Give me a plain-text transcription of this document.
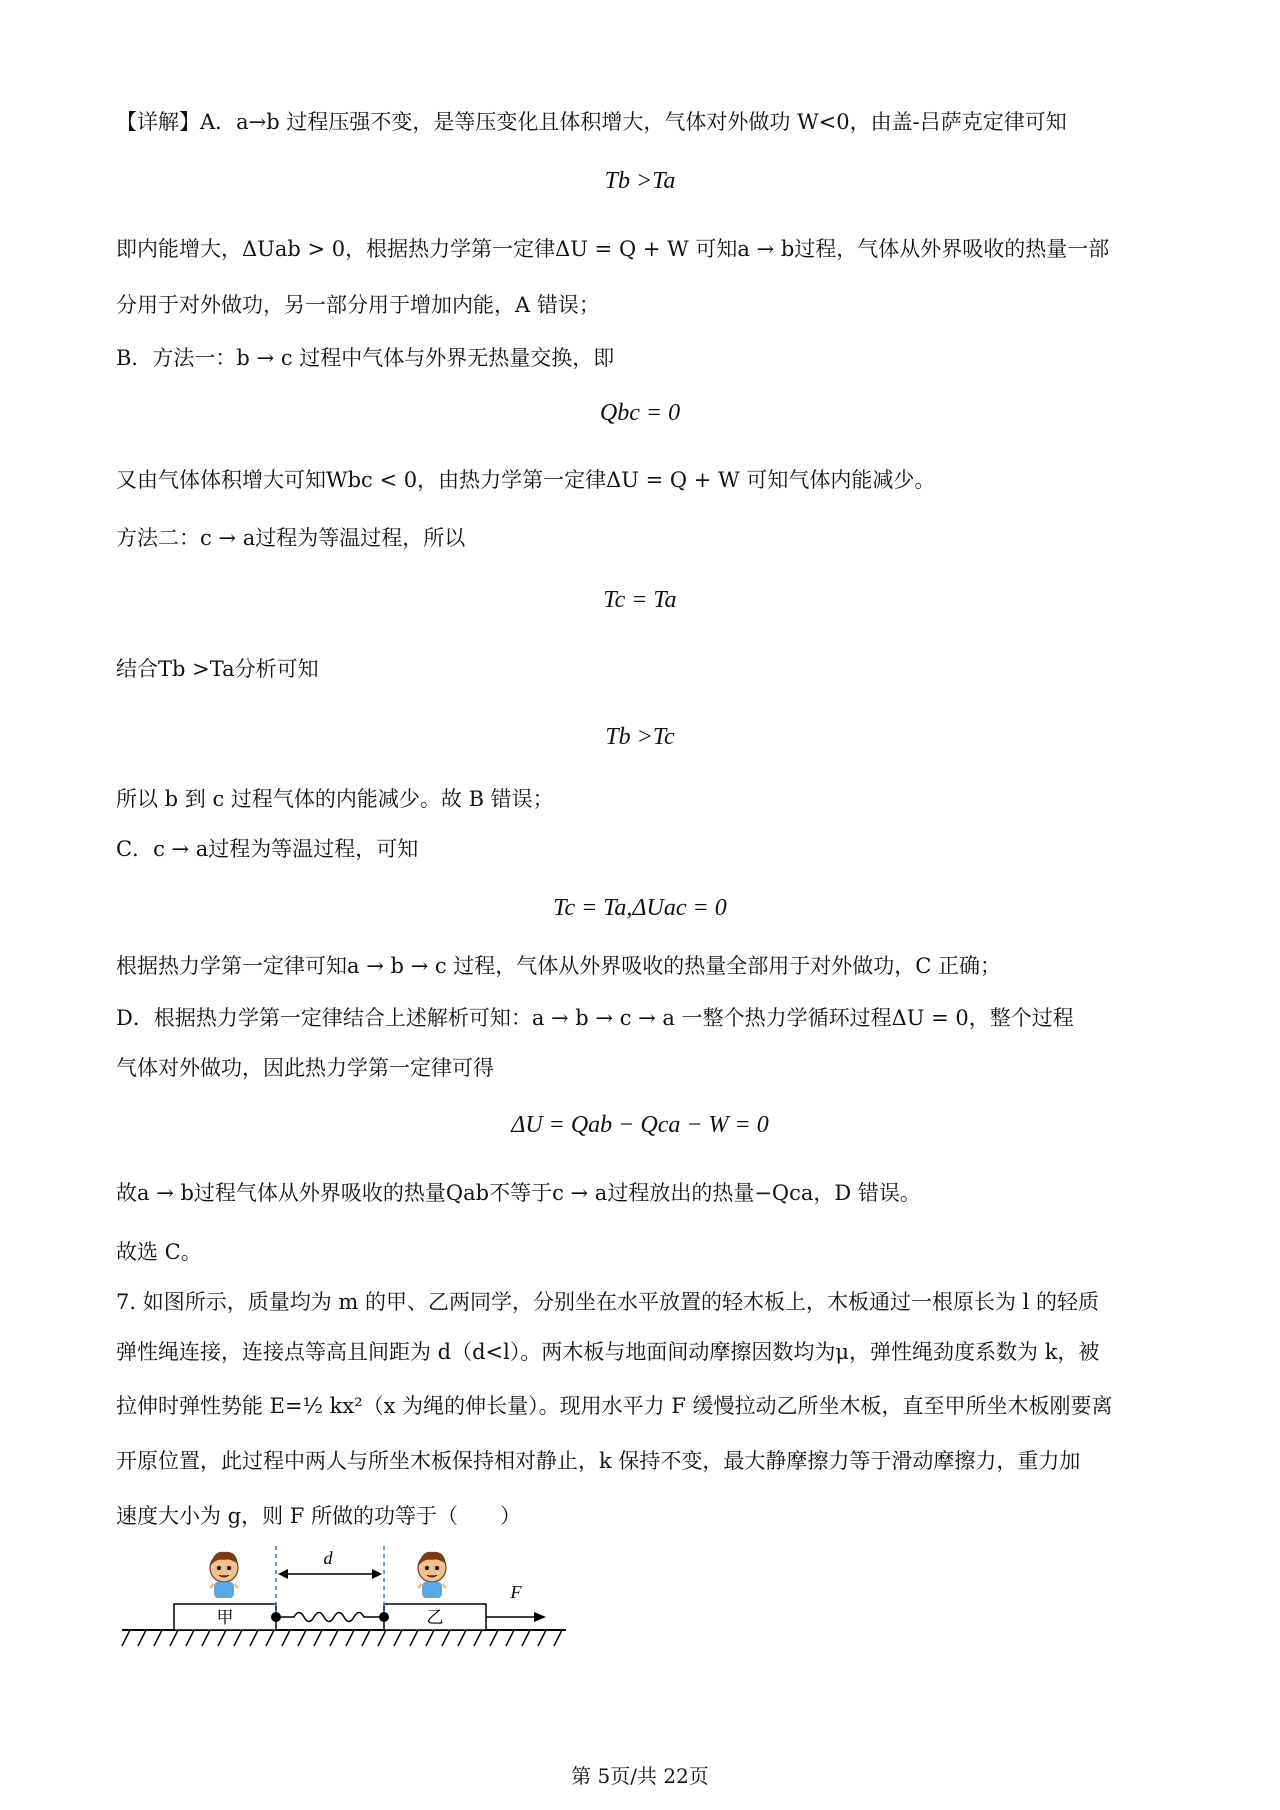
【详解】A．a→b 过程压强不变，是等压变化且体积增大，气体对外做功 W<0，由盖-吕萨克定律可知
Tb >Ta
即内能增大，ΔUab > 0，根据热力学第一定律ΔU = Q + W 可知a → b过程，气体从外界吸收的热量一部
分用于对外做功，另一部分用于增加内能，A 错误；
B．方法一：b → c 过程中气体与外界无热量交换，即
Qbc = 0
又由气体体积增大可知Wbc < 0，由热力学第一定律ΔU = Q + W 可知气体内能减少。
方法二：c → a过程为等温过程，所以
Tc = Ta
结合Tb >Ta分析可知
Tb >Tc
所以 b 到 c 过程气体的内能减少。故 B 错误；
C．c → a过程为等温过程，可知
Tc = Ta,ΔUac = 0
根据热力学第一定律可知a → b → c 过程，气体从外界吸收的热量全部用于对外做功，C 正确；
D．根据热力学第一定律结合上述解析可知：a → b → c → a 一整个热力学循环过程ΔU = 0，整个过程
气体对外做功，因此热力学第一定律可得
ΔU = Qab − Qca − W = 0
故a → b过程气体从外界吸收的热量Qab不等于c → a过程放出的热量−Qca，D 错误。
故选 C。
7. 如图所示，质量均为 m 的甲、乙两同学，分别坐在水平放置的轻木板上，木板通过一根原长为 l 的轻质
弹性绳连接，连接点等高且间距为 d（d<l）。两木板与地面间动摩擦因数均为μ，弹性绳劲度系数为 k，被
拉伸时弹性势能 E=½ kx²（x 为绳的伸长量）。现用水平力 F 缓慢拉动乙所坐木板，直至甲所坐木板刚要离
开原位置，此过程中两人与所坐木板保持相对静止，k 保持不变，最大静摩擦力等于滑动摩擦力，重力加
速度大小为 g，则 F 所做的功等于（　　）
甲	乙
d
F
第 5页/共 22页
